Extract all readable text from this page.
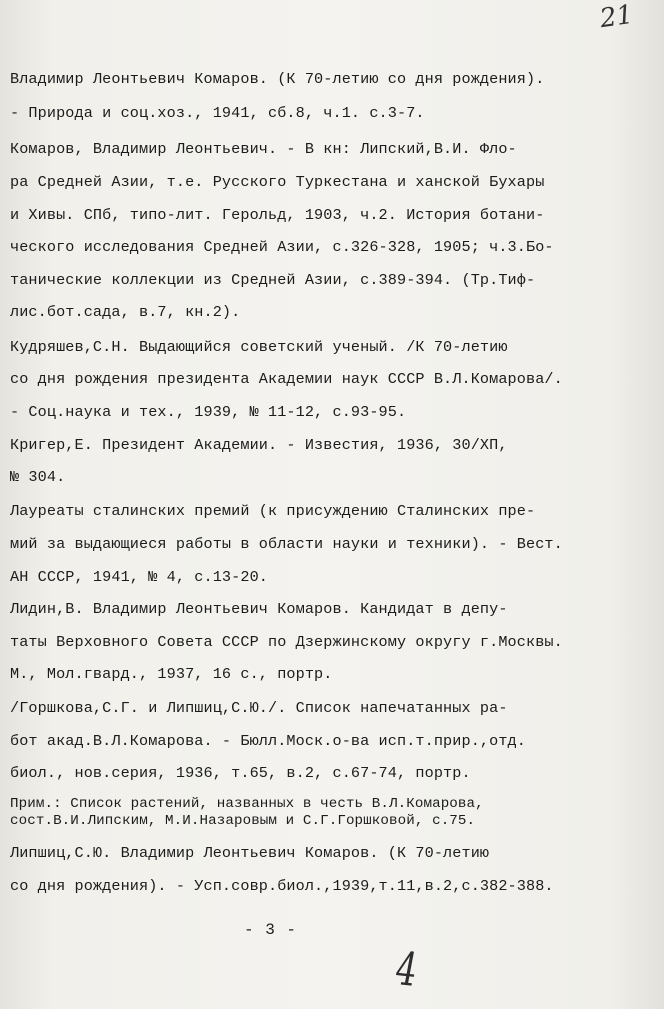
21
Владимир Леонтьевич Комаров. (К 70-летию со дня рождения).
- Природа и соц.хоз., 1941, сб.8, ч.1. с.3-7.
Комаров, Владимир Леонтьевич. - В кн: Липский,В.И. Фло-
ра Средней Азии, т.е. Русского Туркестана и ханской Бухары
и Хивы. СПб, типо-лит. Герольд, 1903, ч.2. История ботани-
ческого исследования Средней Азии, с.326-328, 1905; ч.3.Бо-
танические коллекции из Средней Азии, с.389-394. (Тр.Тиф-
лис.бот.сада, в.7, кн.2).
Кудряшев,С.Н. Выдающийся советский ученый. /К 70-летию
со дня рождения президента Академии наук СССР В.Л.Комарова/.
- Соц.наука и тех., 1939, № 11-12, с.93-95.
Кригер,Е. Президент Академии. - Известия, 1936, 30/ХП,
№ 304.
Лауреаты сталинских премий (к присуждению Сталинских пре-
мий за выдающиеся работы в области науки и техники). - Вест.
АН СССР, 1941, № 4, с.13-20.
Лидин,В. Владимир Леонтьевич Комаров. Кандидат в депу-
таты Верховного Совета СССР по Дзержинскому округу г.Москвы.
М., Мол.гвард., 1937, 16 с., портр.
/Горшкова,С.Г. и Липшиц,С.Ю./. Список напечатанных ра-
бот акад.В.Л.Комарова. - Бюлл.Моск.о-ва исп.т.прир.,отд.
биол., нов.серия, 1936, т.65, в.2, с.67-74, портр.
Прим.: Список растений, названных в честь В.Л.Комарова,
сост.В.И.Липским, М.И.Назаровым и С.Г.Горшковой, с.75.
Липшиц,С.Ю. Владимир Леонтьевич Комаров. (К 70-летию
со дня рождения). - Усп.совр.биол.,1939,т.11,в.2,с.382-388.
- 3 -
4
